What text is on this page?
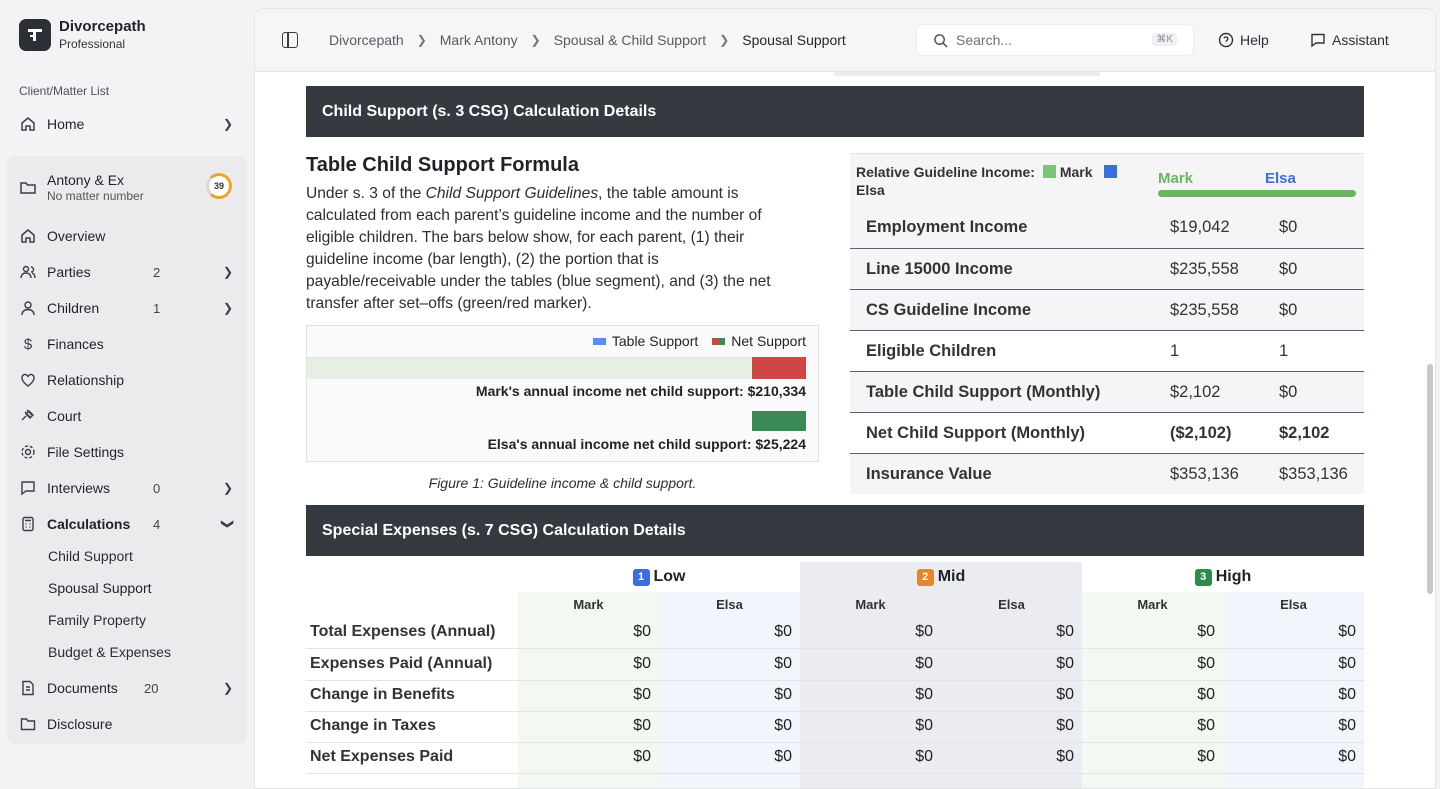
Divorcepath
Professional
Client/Matter List
Home	❯
Antony & Ex
No matter number
39
Overview
Parties	2	❯
Children	1	❯
$	Finances
Relationship
Court
File Settings
Interviews	0	❯
Calculations 4	❯
Child Support
Spousal Support
Family Property
Budget & Expenses
Documents 20	❯
Disclosure
Divorcepath ❯ Mark Antony ❯ Spousal & Child Support ❯ Spousal Support	Search...	⌘K	Help	Assistant
Child Support (s. 3 CSG) Calculation Details
Table Child Support Formula
Under s. 3 of the Child Support Guidelines, the table amount is calculated from each parent’s guideline income and the number of eligible children. The bars below show, for each parent, (1) their guideline income (bar length), (2) the portion that is payable/receivable under the tables (blue segment), and (3) the net transfer after set–offs (green/red marker).
Table Support Net Support
Mark's annual income net child support: $210,334
Elsa's annual income net child support: $25,224
Figure 1: Guideline income & child support.
Relative Guideline Income: Mark
Elsa
Mark	Elsa
Employment Income	$19,042	$0
Line 15000 Income	$235,558 $0
CS Guideline Income	$235,558 $0
Eligible Children	1	1
Table Child Support (Monthly)	$2,102	$0
Net Child Support (Monthly)	($2,102)	$2,102
Insurance Value	$353,136 $353,136
Special Expenses (s. 7 CSG) Calculation Details
1 Low	2 Mid	3 High
Mark	Elsa	Mark	Elsa	Mark	Elsa
Total Expenses (Annual)	$0	$0	$0	$0	$0	$0
Expenses Paid (Annual)	$0	$0	$0	$0	$0	$0
Change in Benefits	$0	$0	$0	$0	$0	$0
Change in Taxes	$0	$0	$0	$0	$0	$0
Net Expenses Paid	$0	$0	$0	$0	$0	$0
